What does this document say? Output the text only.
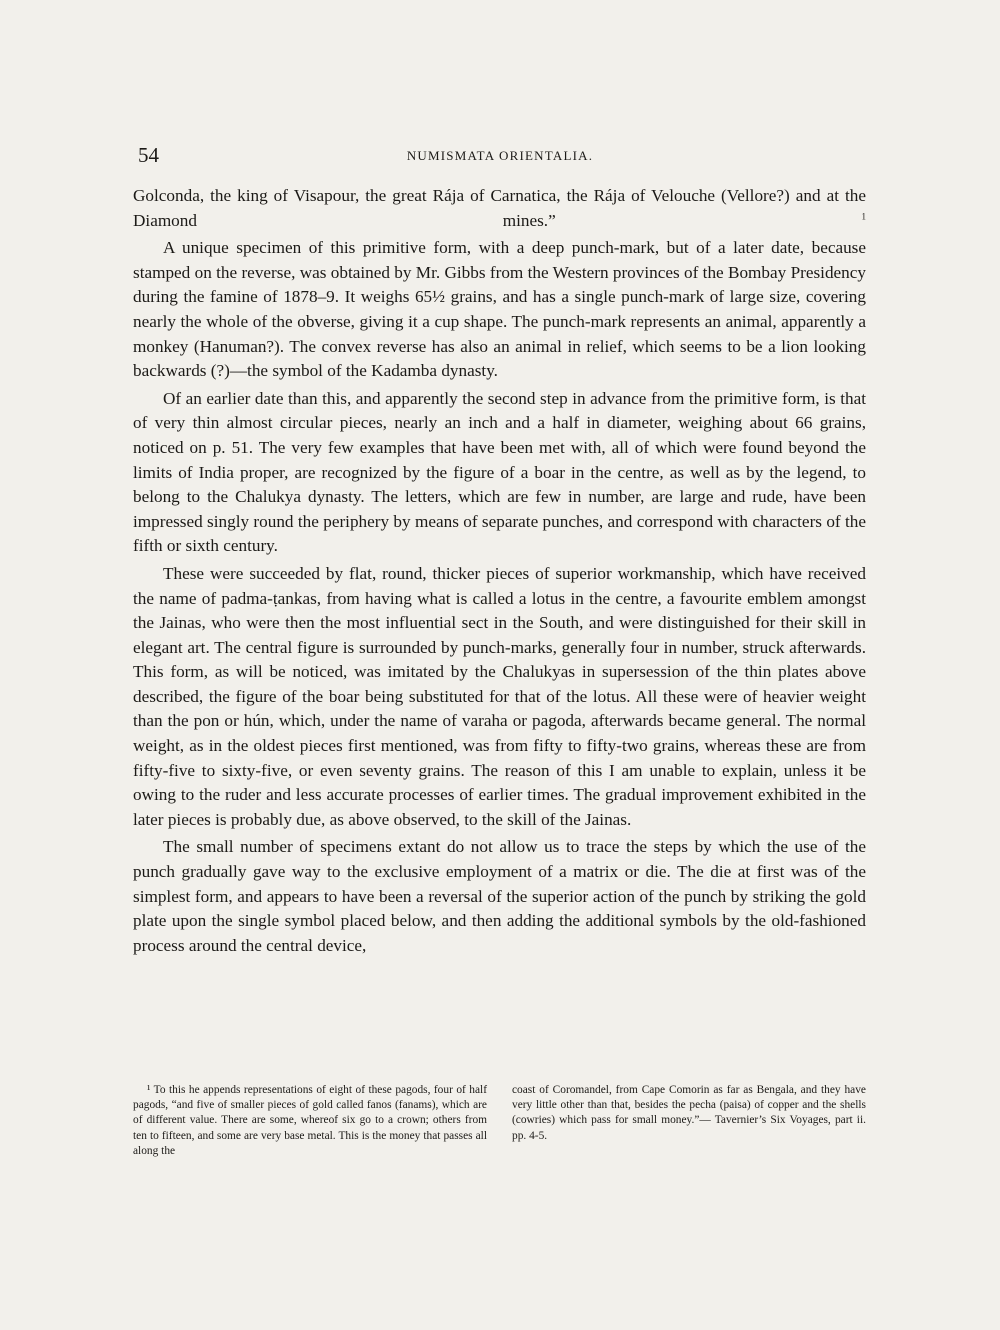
54	NUMISMATA ORIENTALIA.

Golconda, the king of Visapour, the great Rája of Carnatica, the Rája of Velouche (Vellore?) and at the Diamond mines.”	$^1$

A unique specimen of this primitive form, with a deep punch-mark, but of a later date, because stamped on the reverse, was obtained by Mr. Gibbs from the Western provinces of the Bombay Presidency during the famine of 1878–9. It weighs 65½ grains, and has a single punch-mark of large size, covering nearly the whole of the obverse, giving it a cup shape. The punch-mark represents an animal, apparently a monkey (Hanuman?). The convex reverse has also an animal in relief, which seems to be a lion looking backwards (?)—the symbol of the Kadamba dynasty.

Of an earlier date than this, and apparently the second step in advance from the primitive form, is that of very thin almost circular pieces, nearly an inch and a half in diameter, weighing about 66 grains, noticed on p. 51. The very few examples that have been met with, all of which were found beyond the limits of India proper, are recognized by the figure of a boar in the centre, as well as by the legend, to belong to the Chalukya dynasty. The letters, which are few in number, are large and rude, have been impressed singly round the periphery by means of separate punches, and correspond with characters of the fifth or sixth century.

These were succeeded by flat, round, thicker pieces of superior workmanship, which have received the name of padma-ṭankas, from having what is called a lotus in the centre, a favourite emblem amongst the Jainas, who were then the most influential sect in the South, and were distinguished for their skill in elegant art. The central figure is surrounded by punch-marks, generally four in number, struck afterwards. This form, as will be noticed, was imitated by the Chalukyas in supersession of the thin plates above described, the figure of the boar being substituted for that of the lotus. All these were of heavier weight than the pon or hún, which, under the name of varaha or pagoda, afterwards became general. The normal weight, as in the oldest pieces first mentioned, was from fifty to fifty-two grains, whereas these are from fifty-five to sixty-five, or even seventy grains. The reason of this I am unable to explain, unless it be owing to the ruder and less accurate processes of earlier times. The gradual improvement exhibited in the later pieces is probably due, as above observed, to the skill of the Jainas.

The small number of specimens extant do not allow us to trace the steps by which the use of the punch gradually gave way to the exclusive employment of a matrix or die. The die at first was of the simplest form, and appears to have been a reversal of the superior action of the punch by striking the gold plate upon the single symbol placed below, and then adding the additional symbols by the old-fashioned process around the central device,

¹ To this he appends representations of eight of these pagods, four of half pagods, “and five of smaller pieces of gold called fanos (fanams), which are of different value. There are some, whereof six go to a crown; others from ten to fifteen, and some are very base metal. This is the money that passes all along the
coast of Coromandel, from Cape Comorin as far as Bengala, and they have very little other than that, besides the pecha (paisa) of copper and the shells (cowries) which pass for small money.”— Tavernier’s Six Voyages, part ii. pp. 4-5.
